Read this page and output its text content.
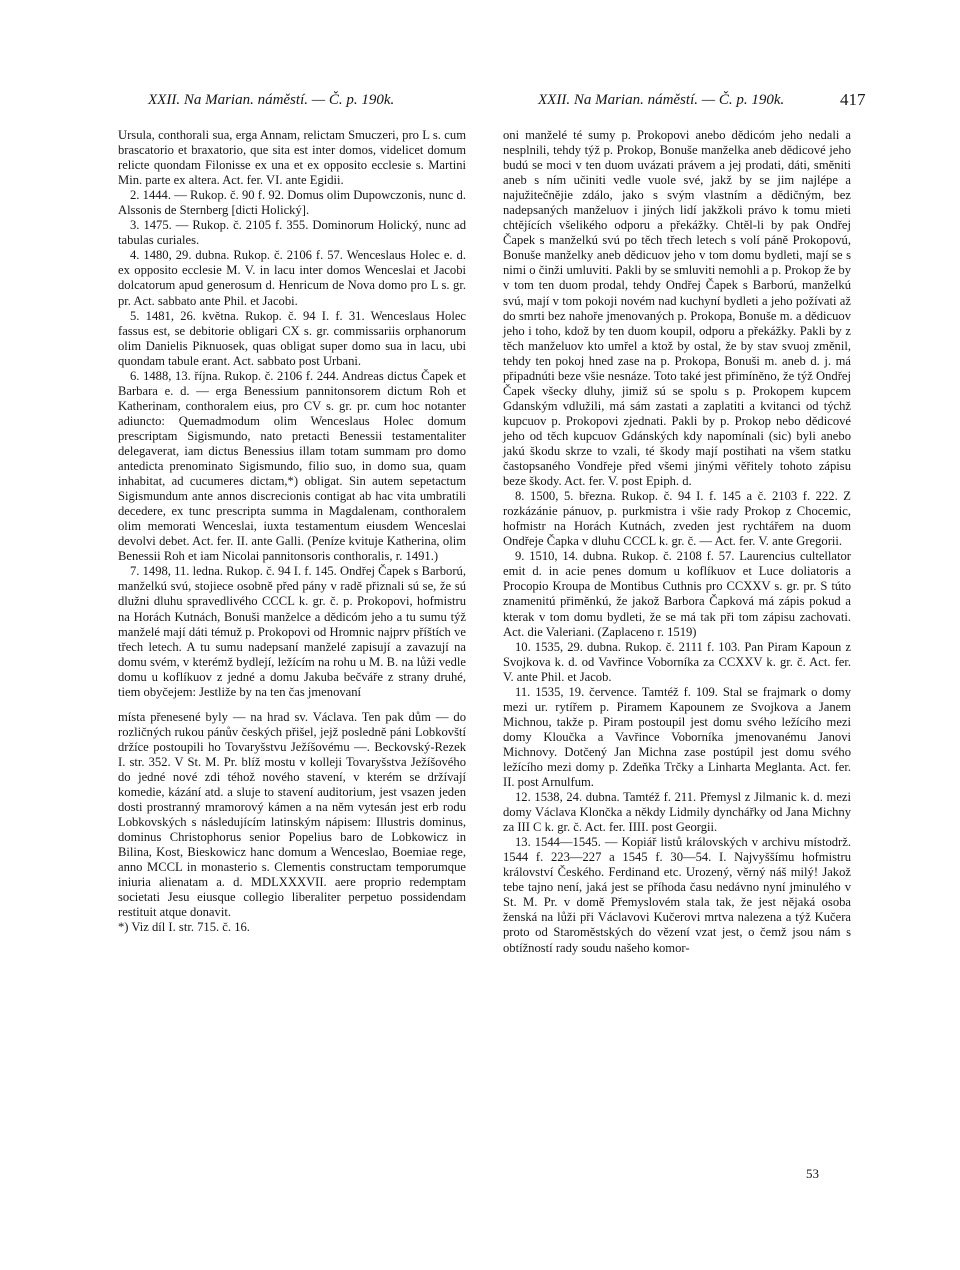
XXII. Na Marian. náměstí. — Č. p. 190k.	XXII. Na Marian. náměstí. — Č. p. 190k.	417

Ursula, conthorali sua, erga Annam, relictam Smuczeri, pro L s. cum brascatorio et braxatorio, que sita est inter domos, videlicet domum relicte quondam Filonisse ex una et ex opposito ecclesie s. Martini Min. parte ex altera. Act. fer. VI. ante Egidii.

2. 1444. — Rukop. č. 90 f. 92. Domus olim Dupowczonis, nunc d. Alssonis de Sternberg [dicti Holický].

3. 1475. — Rukop. č. 2105 f. 355. Dominorum Holický, nunc ad tabulas curiales.

4. 1480, 29. dubna. Rukop. č. 2106 f. 57. Wenceslaus Holec e. d. ex opposito ecclesie M. V. in lacu inter domos Wenceslai et Jacobi dolcatorum apud generosum d. Henricum de Nova domo pro L s. gr. pr. Act. sabbato ante Phil. et Jacobi.

5. 1481, 26. května. Rukop. č. 94 I. f. 31. Wenceslaus Holec fassus est, se debitorie obligari CX s. gr. commissariis orphanorum olim Danielis Piknuosek, quas obligat super domo sua in lacu, ubi quondam tabule erant. Act. sabbato post Urbani.

6. 1488, 13. října. Rukop. č. 2106 f. 244. Andreas dictus Čapek et Barbara e. d. — erga Benessium pannitonsorem dictum Roh et Katherinam, conthoralem eius, pro CV s. gr. pr. cum hoc notanter adiuncto: Quemadmodum olim Wenceslaus Holec domum prescriptam Sigismundo, nato pretacti Benessii testamentaliter delegaverat, iam dictus Benessius illam totam summam pro domo antedicta prenominato Sigismundo, filio suo, in domo sua, quam inhabitat, ad cucumeres dictam,*) obligat. Sin autem sepetactum Sigismundum ante annos discrecionis contigat ab hac vita umbratili decedere, ex tunc prescripta summa in Magdalenam, conthoralem olim memorati Wenceslai, iuxta testamentum eiusdem Wenceslai devolvi debet. Act. fer. II. ante Galli. (Peníze kvituje Katherina, olim Benessii Roh et iam Nicolai pannitonsoris conthoralis, r. 1491.)

7. 1498, 11. ledna. Rukop. č. 94 I. f. 145. Ondřej Čapek s Barború, manželkú svú, stojiece osobně před pány v radě přiznali sú se, že sú dlužni dluhu spravedlivého CCCL k. gr. č. p. Prokopovi, hofmistru na Horách Kutnách, Bonuši manželce a dědicóm jeho a tu sumu týž manželé mají dáti témuž p. Prokopovi od Hromnic najprv příštích ve třech letech. A tu sumu nadepsaní manželé zapisují a zavazují na domu svém, v kterémž bydlejí, ležícím na rohu u M. B. na lůži vedle domu u koflíkuov z jedné a domu Jakuba bečváře z strany druhé, tiem obyčejem: Jestliže by na ten čas jmenovaní

místa přenesené byly — na hrad sv. Václava. Ten pak dům — do rozličných rukou pánův českých přišel, jejž posledně páni Lobkovští držíce postoupili ho Tovaryšstvu Ježíšovému —. Beckovský-Rezek I. str. 352. V St. M. Pr. blíž mostu v kolleji Tovaryšstva Ježíšového do jedné nové zdi téhož nového stavení, v kterém se držívají komedie, kázání atd. a sluje to stavení auditorium, jest vsazen jeden dosti prostranný mramorový kámen a na něm vytesán jest erb rodu Lobkovských s následujícím latinským nápisem: Illustris dominus, dominus Christophorus senior Popelius baro de Lobkowicz in Bilina, Kost, Bieskowicz hanc domum a Wenceslao, Boemiae rege, anno MCCL in monasterio s. Clementis constructam temporumque iniuria alienatam a. d. MDLXXXVII. aere proprio redemptam societati Jesu eiusque collegio liberaliter perpetuo possidendam restituit atque donavit.

*) Viz díl I. str. 715. č. 16.

oni manželé té sumy p. Prokopovi anebo dědicóm jeho nedali a nesplnili, tehdy týž p. Prokop, Bonuše manželka aneb dědicové jeho budú se moci v ten duom uvázati právem a jej prodati, dáti, směniti aneb s ním učiniti vedle vuole své, jakž by se jim najlépe a najužitečnějie zdálo, jako s svým vlastním a dědičným, bez nadepsaných manželuov i jiných lidí jakžkoli právo k tomu mieti chtějících všelikého odporu a překážky. Chtěl-li by pak Ondřej Čapek s manželkú svú po těch třech letech s volí páně Prokopovú, Bonuše manželky aneb dědicuov jeho v tom domu bydleti, mají se s nimi o činži umluviti. Pakli by se smluviti nemohli a p. Prokop že by v tom ten duom prodal, tehdy Ondřej Čapek s Barború, manželkú svú, mají v tom pokoji novém nad kuchyní bydleti a jeho požívati až do smrti bez nahoře jmenovaných p. Prokopa, Bonuše m. a dědicuov jeho i toho, kdož by ten duom koupil, odporu a překážky. Pakli by z těch manželuov kto umřel a ktož by ostal, že by stav svuoj změnil, tehdy ten pokoj hned zase na p. Prokopa, Bonuši m. aneb d. j. má připadnúti beze všie nesnáze. Toto také jest přimíněno, že týž Ondřej Čapek všecky dluhy, jimiž sú se spolu s p. Prokopem kupcem Gdanským vdlužili, má sám zastati a zaplatiti a kvitanci od týchž kupcuov p. Prokopovi zjednati. Pakli by p. Prokop nebo dědicové jeho od těch kupcuov Gdánských kdy napomínali (sic) byli anebo jakú škodu skrze to vzali, té škody mají postihati na všem statku častopsaného Vondřeje před všemi jinými věřitely tohoto zápisu beze škody. Act. fer. V. post Epiph. d.

8. 1500, 5. března. Rukop. č. 94 I. f. 145 a č. 2103 f. 222. Z rozkázánie pánuov, p. purkmistra i všie rady Prokop z Chocemic, hofmistr na Horách Kutnách, zveden jest rychtářem na duom Ondřeje Čapka v dluhu CCCL k. gr. č. — Act. fer. V. ante Gregorii.

9. 1510, 14. dubna. Rukop. č. 2108 f. 57. Laurencius cultellator emit d. in acie penes domum u koflíkuov et Luce doliatoris a Procopio Kroupa de Montibus Cuthnis pro CCXXV s. gr. pr. S túto znamenitú přiměnkú, že jakož Barbora Čapková má zápis pokud a kterak v tom domu bydleti, že se má tak při tom zápisu zachovati. Act. die Valeriani. (Zaplaceno r. 1519)

10. 1535, 29. dubna. Rukop. č. 2111 f. 103. Pan Piram Kapoun z Svojkova k. d. od Vavřince Voborníka za CCXXV k. gr. č. Act. fer. V. ante Phil. et Jacob.

11. 1535, 19. července. Tamtéž f. 109. Stal se frajmark o domy mezi ur. rytířem p. Piramem Kapounem ze Svojkova a Janem Michnou, takže p. Piram postoupil jest domu svého ležícího mezi domy Kloučka a Vavřince Voborníka jmenovanému Janovi Michnovy. Dotčený Jan Michna zase postúpil jest domu svého ležícího mezi domy p. Zdeňka Trčky a Linharta Meglanta. Act. fer. II. post Arnulfum.

12. 1538, 24. dubna. Tamtéž f. 211. Přemysl z Jilmanic k. d. mezi domy Václava Klončka a někdy Lidmily dynchářky od Jana Michny za III C k. gr. č. Act. fer. IIII. post Georgii.

13. 1544—1545. — Kopiář listů královských v archivu místodrž. 1544 f. 223—227 a 1545 f. 30—54. I. Najvyššímu hofmistru království Českého. Ferdinand etc. Urozený, věrný náš milý! Jakož tebe tajno není, jaká jest se příhoda času nedávno nyní jminulého v St. M. Pr. v domě Přemyslovém stala tak, že jest nějaká osoba ženská na lůži při Václavovi Kučerovi mrtva nalezena a týž Kučera proto od Staroměstských do vězení vzat jest, o čemž jsou nám s obtížností rady soudu našeho komor-

53
